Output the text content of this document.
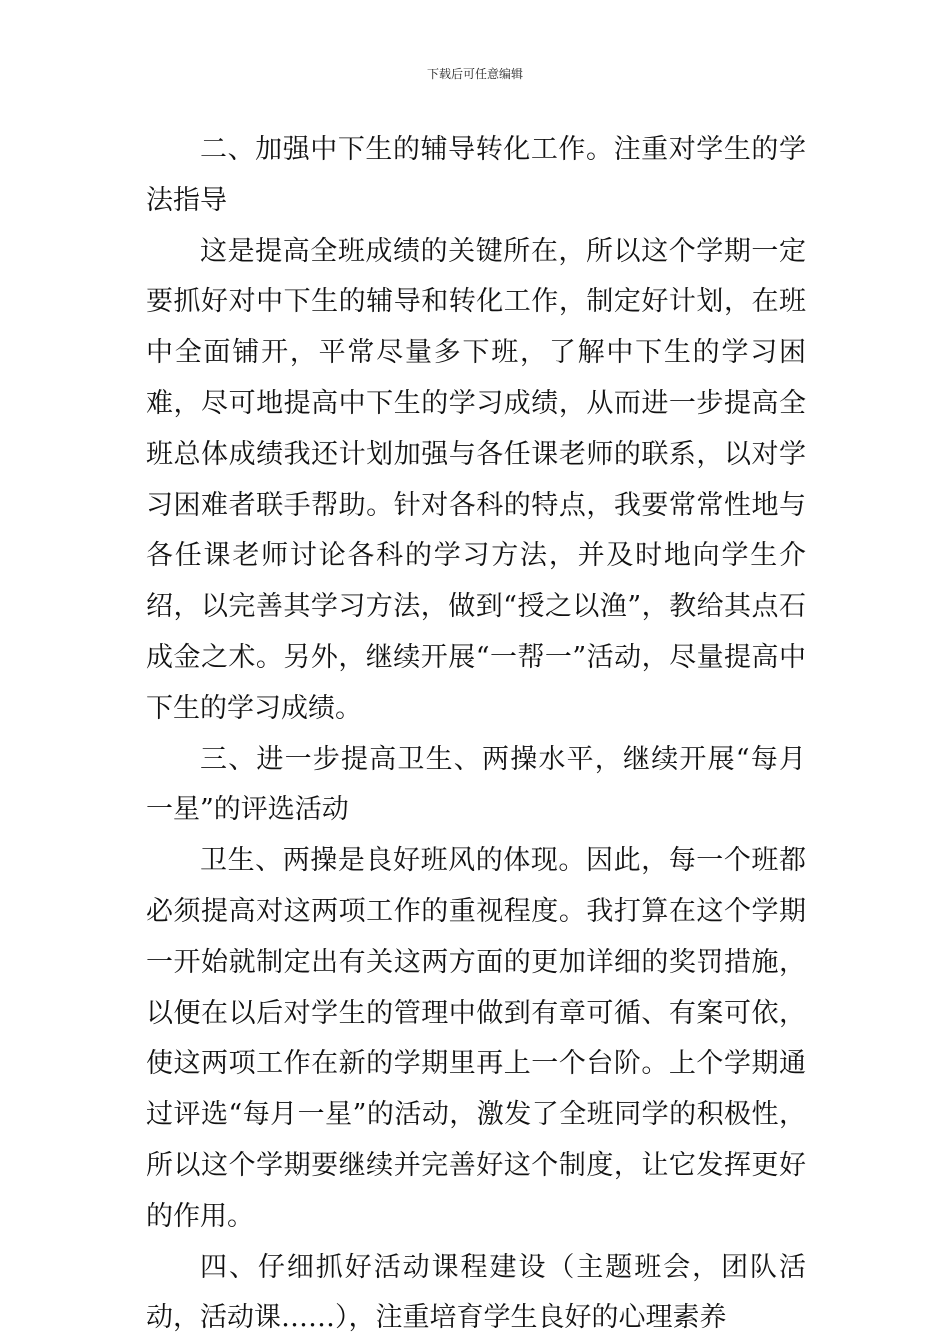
下载后可任意编辑

二、加强中下生的辅导转化工作。注重对学生的学法指导

这是提高全班成绩的关键所在，所以这个学期一定要抓好对中下生的辅导和转化工作，制定好计划，在班中全面铺开，平常尽量多下班，了解中下生的学习困难，尽可地提高中下生的学习成绩，从而进一步提高全班总体成绩我还计划加强与各任课老师的联系，以对学习困难者联手帮助。针对各科的特点，我要常常性地与各任课老师讨论各科的学习方法，并及时地向学生介绍，以完善其学习方法，做到“授之以渔”，教给其点石成金之术。另外，继续开展“一帮一”活动，尽量提高中下生的学习成绩。

三、进一步提高卫生、两操水平，继续开展“每月一星”的评选活动

卫生、两操是良好班风的体现。因此，每一个班都必须提高对这两项工作的重视程度。我打算在这个学期一开始就制定出有关这两方面的更加详细的奖罚措施，以便在以后对学生的管理中做到有章可循、有案可依，使这两项工作在新的学期里再上一个台阶。上个学期通过评选“每月一星”的活动，激发了全班同学的积极性，所以这个学期要继续并完善好这个制度，让它发挥更好的作用。

四、仔细抓好活动课程建设（主题班会，团队活动，活动课……），注重培育学生良好的心理素养
